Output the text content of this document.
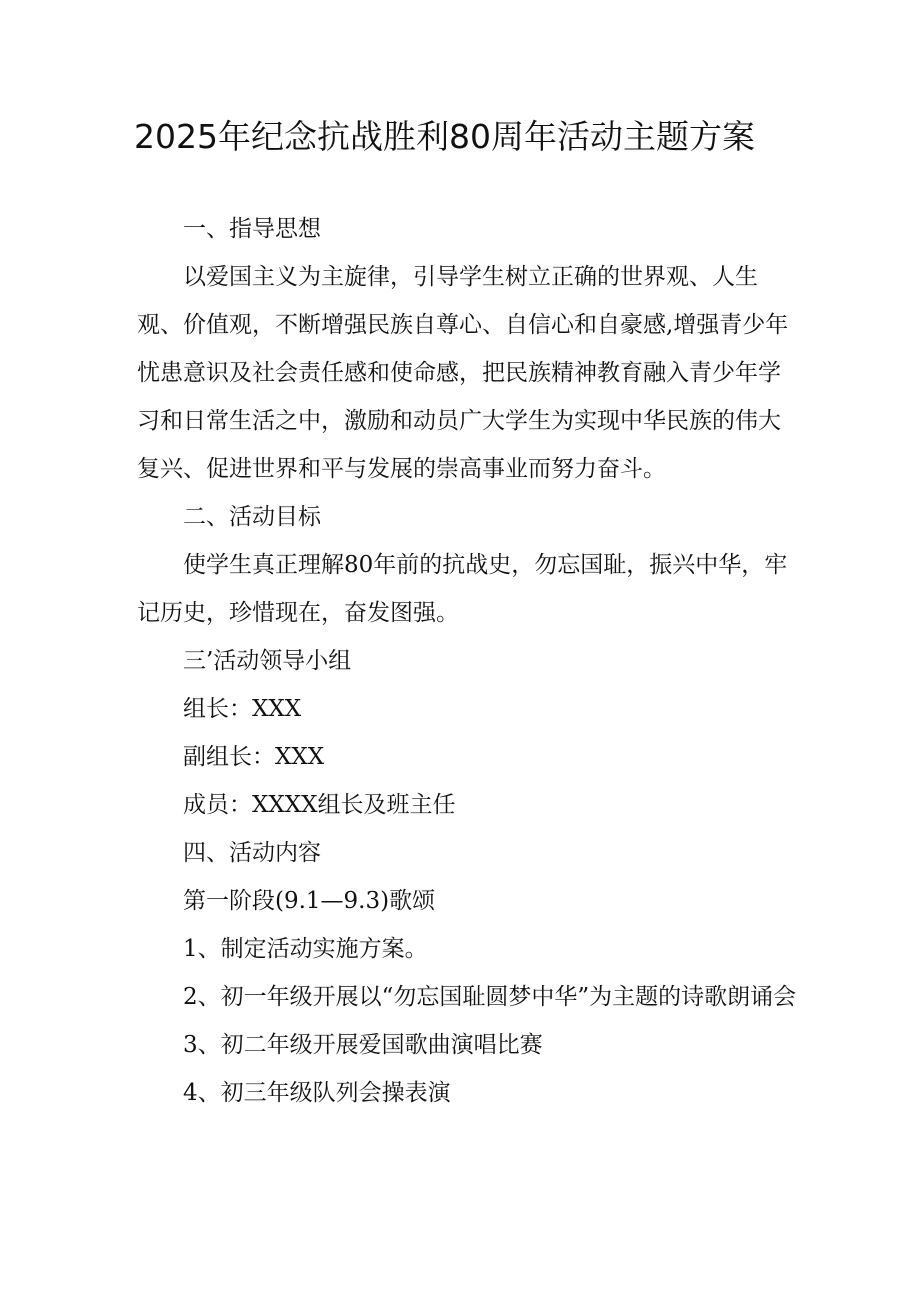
2025年纪念抗战胜利80周年活动主题方案

一、指导思想

以爱国主义为主旋律，引导学生树立正确的世界观、人生观、价值观，不断增强民族自尊心、自信心和自豪感,增强青少年忧患意识及社会责任感和使命感，把民族精神教育融入青少年学习和日常生活之中，激励和动员广大学生为实现中华民族的伟大复兴、促进世界和平与发展的崇高事业而努力奋斗。

二、活动目标

使学生真正理解80年前的抗战史，勿忘国耻，振兴中华，牢记历史，珍惜现在，奋发图强。

三’活动领导小组

组长：XXX

副组长：XXX

成员：XXXX组长及班主任

四、活动内容

第一阶段(9.1—9.3)歌颂

1、制定活动实施方案。

2、初一年级开展以“勿忘国耻圆梦中华”为主题的诗歌朗诵会

3、初二年级开展爱国歌曲演唱比赛

4、初三年级队列会操表演
